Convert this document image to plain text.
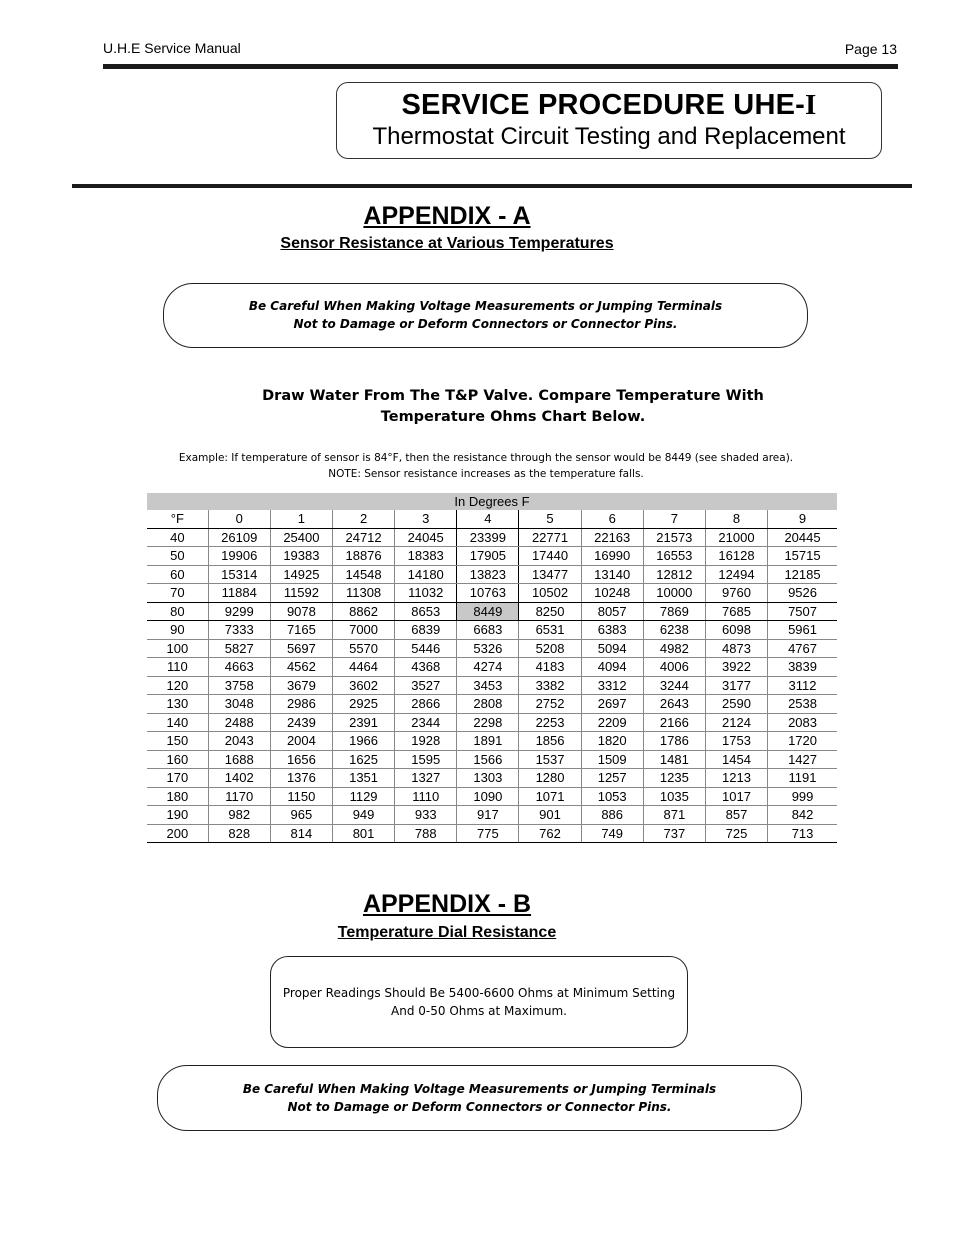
U.H.E Service Manual	Page 13
SERVICE PROCEDURE UHE-I
Thermostat Circuit Testing and Replacement
APPENDIX - A
Sensor Resistance at Various Temperatures
Be Careful When Making Voltage Measurements or Jumping Terminals
Not to Damage or Deform Connectors or Connector Pins.
Draw Water From The T&P Valve. Compare Temperature With
Temperature Ohms Chart Below.
Example: If temperature of sensor is 84°F, then the resistance through the sensor would be 8449 (see shaded area).
NOTE: Sensor resistance increases as the temperature falls.
In Degrees F										
°F	0	1	2	3	4	5	6	7	8	9
40	26109	25400	24712	24045	23399	22771	22163	21573	21000	20445
50	19906	19383	18876	18383	17905	17440	16990	16553	16128	15715
60	15314	14925	14548	14180	13823	13477	13140	12812	12494	12185
70	11884	11592	11308	11032	10763	10502	10248	10000	9760	9526
80	9299	9078	8862	8653	8449	8250	8057	7869	7685	7507
90	7333	7165	7000	6839	6683	6531	6383	6238	6098	5961
100	5827	5697	5570	5446	5326	5208	5094	4982	4873	4767
110	4663	4562	4464	4368	4274	4183	4094	4006	3922	3839
120	3758	3679	3602	3527	3453	3382	3312	3244	3177	3112
130	3048	2986	2925	2866	2808	2752	2697	2643	2590	2538
140	2488	2439	2391	2344	2298	2253	2209	2166	2124	2083
150	2043	2004	1966	1928	1891	1856	1820	1786	1753	1720
160	1688	1656	1625	1595	1566	1537	1509	1481	1454	1427
170	1402	1376	1351	1327	1303	1280	1257	1235	1213	1191
180	1170	1150	1129	1110	1090	1071	1053	1035	1017	999
190	982	965	949	933	917	901	886	871	857	842
200	828	814	801	788	775	762	749	737	725	713
APPENDIX - B
Temperature Dial Resistance
Proper Readings Should Be 5400-6600 Ohms at Minimum Setting
And 0-50 Ohms at Maximum.
Be Careful When Making Voltage Measurements or Jumping Terminals
Not to Damage or Deform Connectors or Connector Pins.
